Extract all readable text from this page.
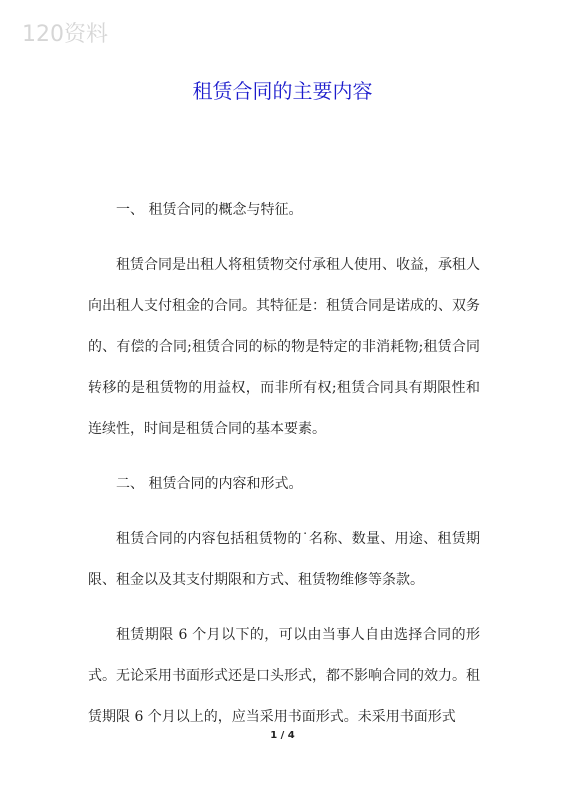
120资料
租赁合同的主要内容

一、 租赁合同的概念与特征。

租赁合同是出租人将租赁物交付承租人使用、收益，承租人向出租人支付租金的合同。其特征是：租赁合同是诺成的、双务的、有偿的合同;租赁合同的标的物是特定的非消耗物;租赁合同转移的是租赁物的用益权，而非所有权;租赁合同具有期限性和连续性，时间是租赁合同的基本要素。

二、 租赁合同的内容和形式。

租赁合同的内容包括租赁物的˙名称、数量、用途、租赁期限、租金以及其支付期限和方式、租赁物维修等条款。

租赁期限 6 个月以下的，可以由当事人自由选择合同的形式。无论采用书面形式还是口头形式，都不影响合同的效力。租赁期限 6 个月以上的，应当采用书面形式。未采用书面形式

1 / 4
